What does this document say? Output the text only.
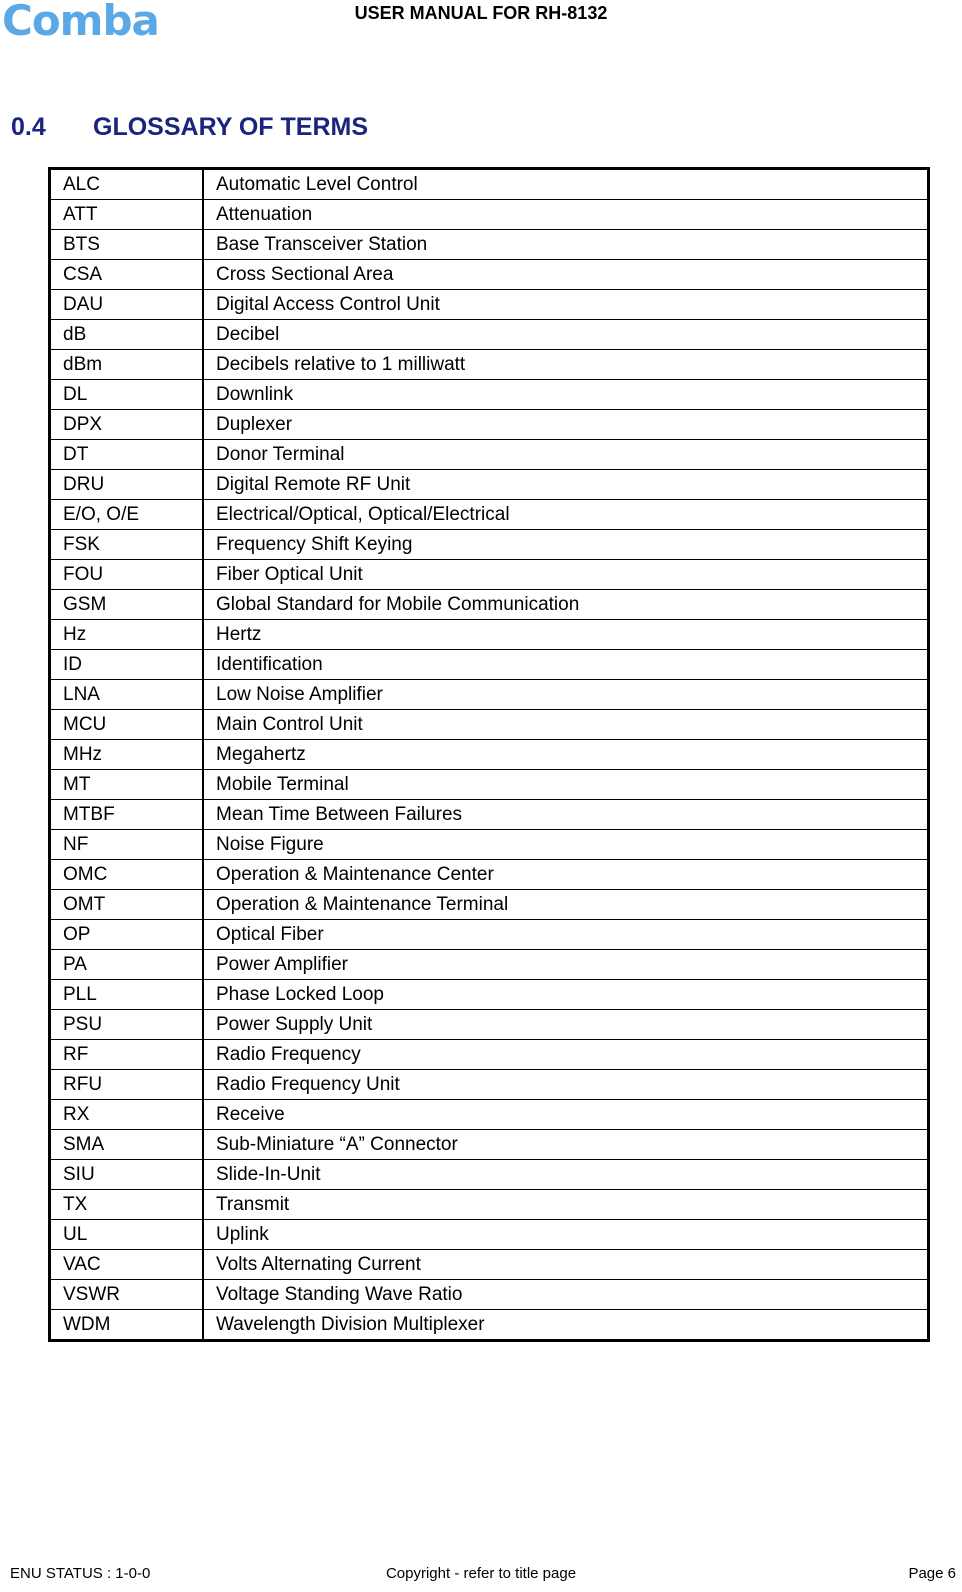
Comba	USER MANUAL FOR RH-8132
0.4 GLOSSARY OF TERMS
ALC	Automatic Level Control
ATT	Attenuation
BTS	Base Transceiver Station
CSA	Cross Sectional Area
DAU	Digital Access Control Unit
dB	Decibel
dBm	Decibels relative to 1 milliwatt
DL	Downlink
DPX	Duplexer
DT	Donor Terminal
DRU	Digital Remote RF Unit
E/O, O/E	Electrical/Optical, Optical/Electrical
FSK	Frequency Shift Keying
FOU	Fiber Optical Unit
GSM	Global Standard for Mobile Communication
Hz	Hertz
ID	Identification
LNA	Low Noise Amplifier
MCU	Main Control Unit
MHz	Megahertz
MT	Mobile Terminal
MTBF	Mean Time Between Failures
NF	Noise Figure
OMC	Operation & Maintenance Center
OMT	Operation & Maintenance Terminal
OP	Optical Fiber
PA	Power Amplifier
PLL	Phase Locked Loop
PSU	Power Supply Unit
RF	Radio Frequency
RFU	Radio Frequency Unit
RX	Receive
SMA	Sub-Miniature “A” Connector
SIU	Slide-In-Unit
TX	Transmit
UL	Uplink
VAC	Volts Alternating Current
VSWR	Voltage Standing Wave Ratio
WDM	Wavelength Division Multiplexer
ENU STATUS : 1-0-0	Copyright - refer to title page	Page 6
